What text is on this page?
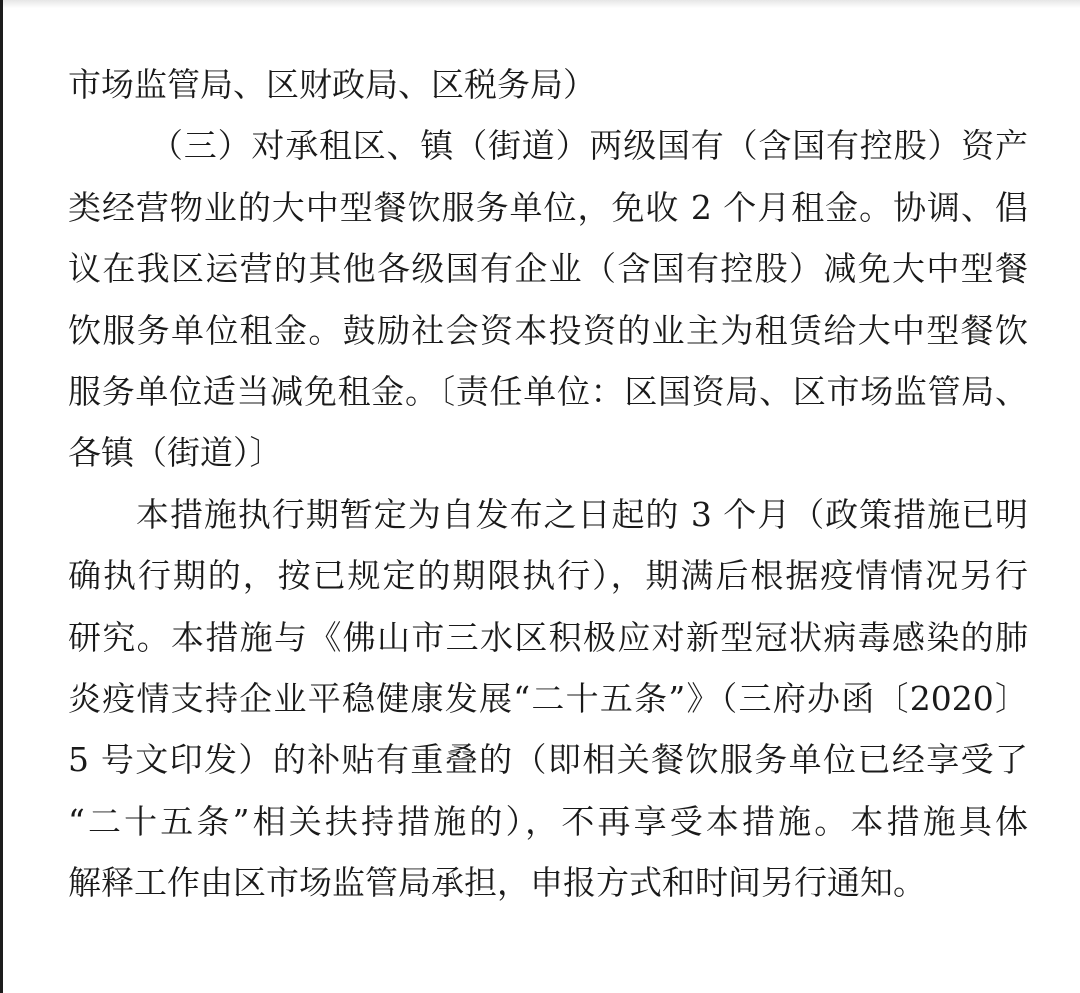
市场监管局、区财政局、区税务局）
（三）对承租区、镇（街道）两级国有（含国有控股）资产
类经营物业的大中型餐饮服务单位，免收 2 个月租金。协调、倡
议在我区运营的其他各级国有企业（含国有控股）减免大中型餐
饮服务单位租金。鼓励社会资本投资的业主为租赁给大中型餐饮
服务单位适当减免租金。〔责任单位：区国资局、区市场监管局、
各镇（街道）〕
本措施执行期暂定为自发布之日起的 3 个月（政策措施已明
确执行期的，按已规定的期限执行），期满后根据疫情情况另行
研究。本措施与《佛山市三水区积极应对新型冠状病毒感染的肺
炎疫情支持企业平稳健康发展“二十五条”》（三府办函〔2020〕
5 号文印发）的补贴有重叠的（即相关餐饮服务单位已经享受了
“二十五条”相关扶持措施的），不再享受本措施。本措施具体
解释工作由区市场监管局承担，申报方式和时间另行通知。
